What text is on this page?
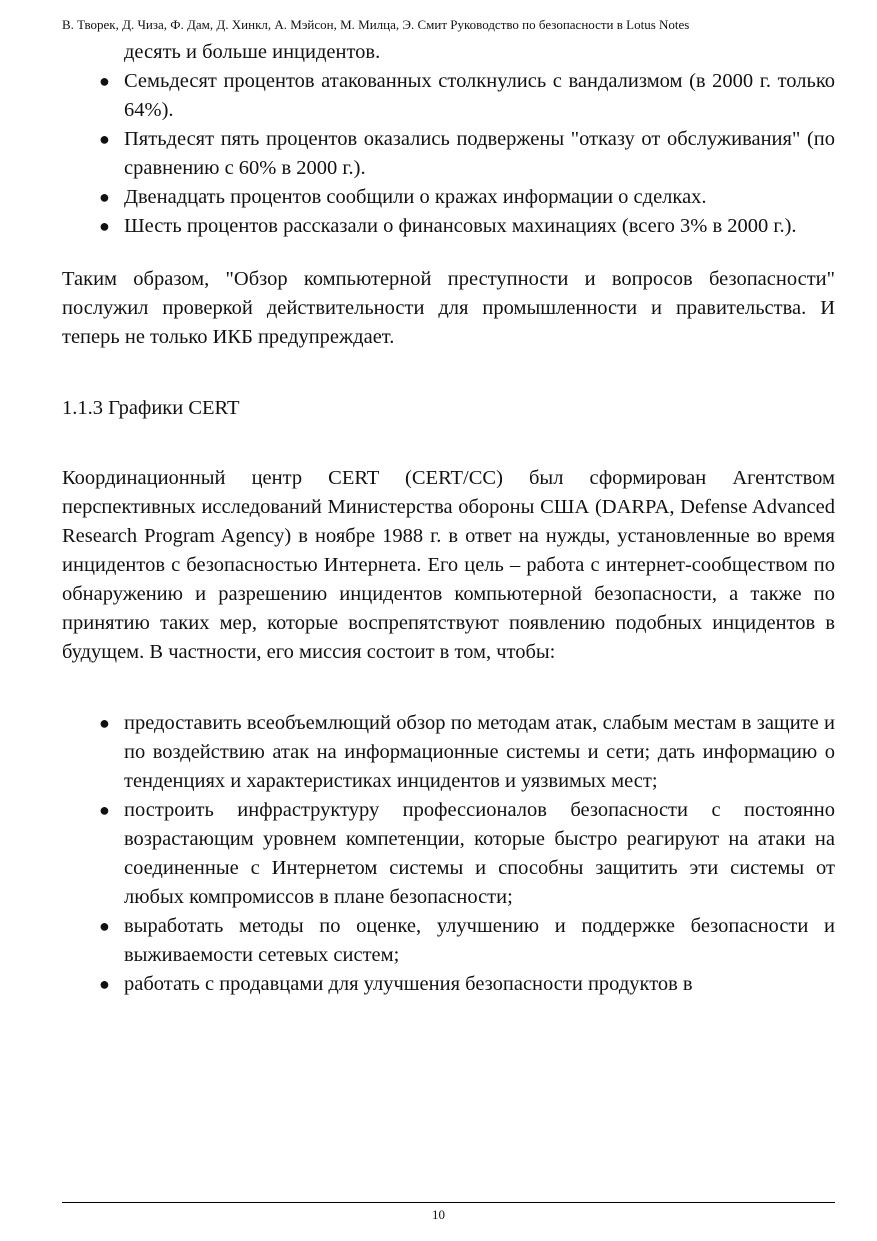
В. Творек, Д. Чиза, Ф. Дам, Д. Хинкл, А. Мэйсон, М. Милца, Э. Смит Руководство по безопасности в Lotus Notes
десять и больше инцидентов.
● Семьдесят процентов атакованных столкнулись с вандализмом (в 2000 г. только 64%).
● Пятьдесят пять процентов оказались подвержены "отказу от обслуживания" (по сравнению с 60% в 2000 г.).
● Двенадцать процентов сообщили о кражах информации о сделках.
● Шесть процентов рассказали о финансовых махинациях (всего 3% в 2000 г.).

Таким образом, "Обзор компьютерной преступности и вопросов безопасности" послужил проверкой действительности для промышленности и правительства. И теперь не только ИКБ предупреждает.

1.1.3 Графики CERT

Координационный центр CERT (CERT/CC) был сформирован Агентством перспективных исследований Министерства обороны США (DARPA, Defense Advanced Research Program Agency) в ноябре 1988 г. в ответ на нужды, установленные во время инцидентов с безопасностью Интернета. Его цель – работа с интернет-сообществом по обнаружению и разрешению инцидентов компьютерной безопасности, а также по принятию таких мер, которые воспрепятствуют появлению подобных инцидентов в будущем. В частности, его миссия состоит в том, чтобы:

● предоставить всеобъемлющий обзор по методам атак, слабым местам в защите и по воздействию атак на информационные системы и сети; дать информацию о тенденциях и характеристиках инцидентов и уязвимых мест;
● построить инфраструктуру профессионалов безопасности с постоянно возрастающим уровнем компетенции, которые быстро реагируют на атаки на соединенные с Интернетом системы и способны защитить эти системы от любых компромиссов в плане безопасности;
● выработать методы по оценке, улучшению и поддержке безопасности и выживаемости сетевых систем;
● работать с продавцами для улучшения безопасности продуктов в
10
